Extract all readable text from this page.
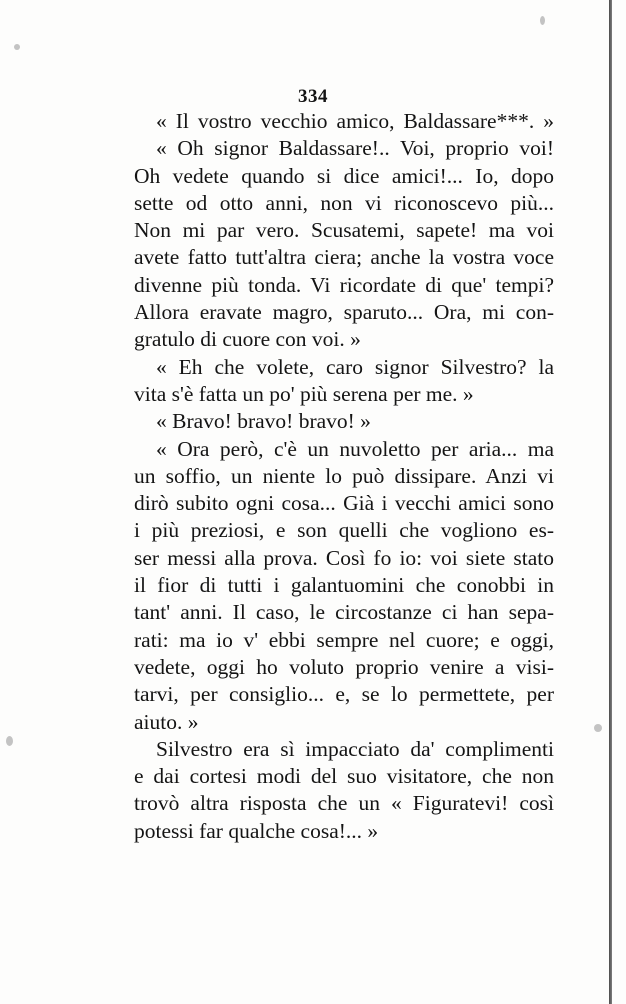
334
« Il vostro vecchio amico, Baldassare***. »
« Oh signor Baldassare!.. Voi, proprio voi!
Oh vedete quando si dice amici!... Io, dopo
sette od otto anni, non vi riconoscevo più...
Non mi par vero. Scusatemi, sapete! ma voi
avete fatto tutt'altra ciera; anche la vostra voce
divenne più tonda. Vi ricordate di que' tempi?
Allora eravate magro, sparuto... Ora, mi con-
gratulo di cuore con voi. »
« Eh che volete, caro signor Silvestro? la
vita s'è fatta un po' più serena per me. »
« Bravo! bravo! bravo! »
« Ora però, c'è un nuvoletto per aria... ma
un soffio, un niente lo può dissipare. Anzi vi
dirò subito ogni cosa... Già i vecchi amici sono
i più preziosi, e son quelli che vogliono es-
ser messi alla prova. Così fo io: voi siete stato
il fior di tutti i galantuomini che conobbi in
tant' anni. Il caso, le circostanze ci han sepa-
rati: ma io v' ebbi sempre nel cuore; e oggi,
vedete, oggi ho voluto proprio venire a visi-
tarvi, per consiglio... e, se lo permettete, per
aiuto. »
Silvestro era sì impacciato da' complimenti
e dai cortesi modi del suo visitatore, che non
trovò altra risposta che un « Figuratevi! così
potessi far qualche cosa!... »
